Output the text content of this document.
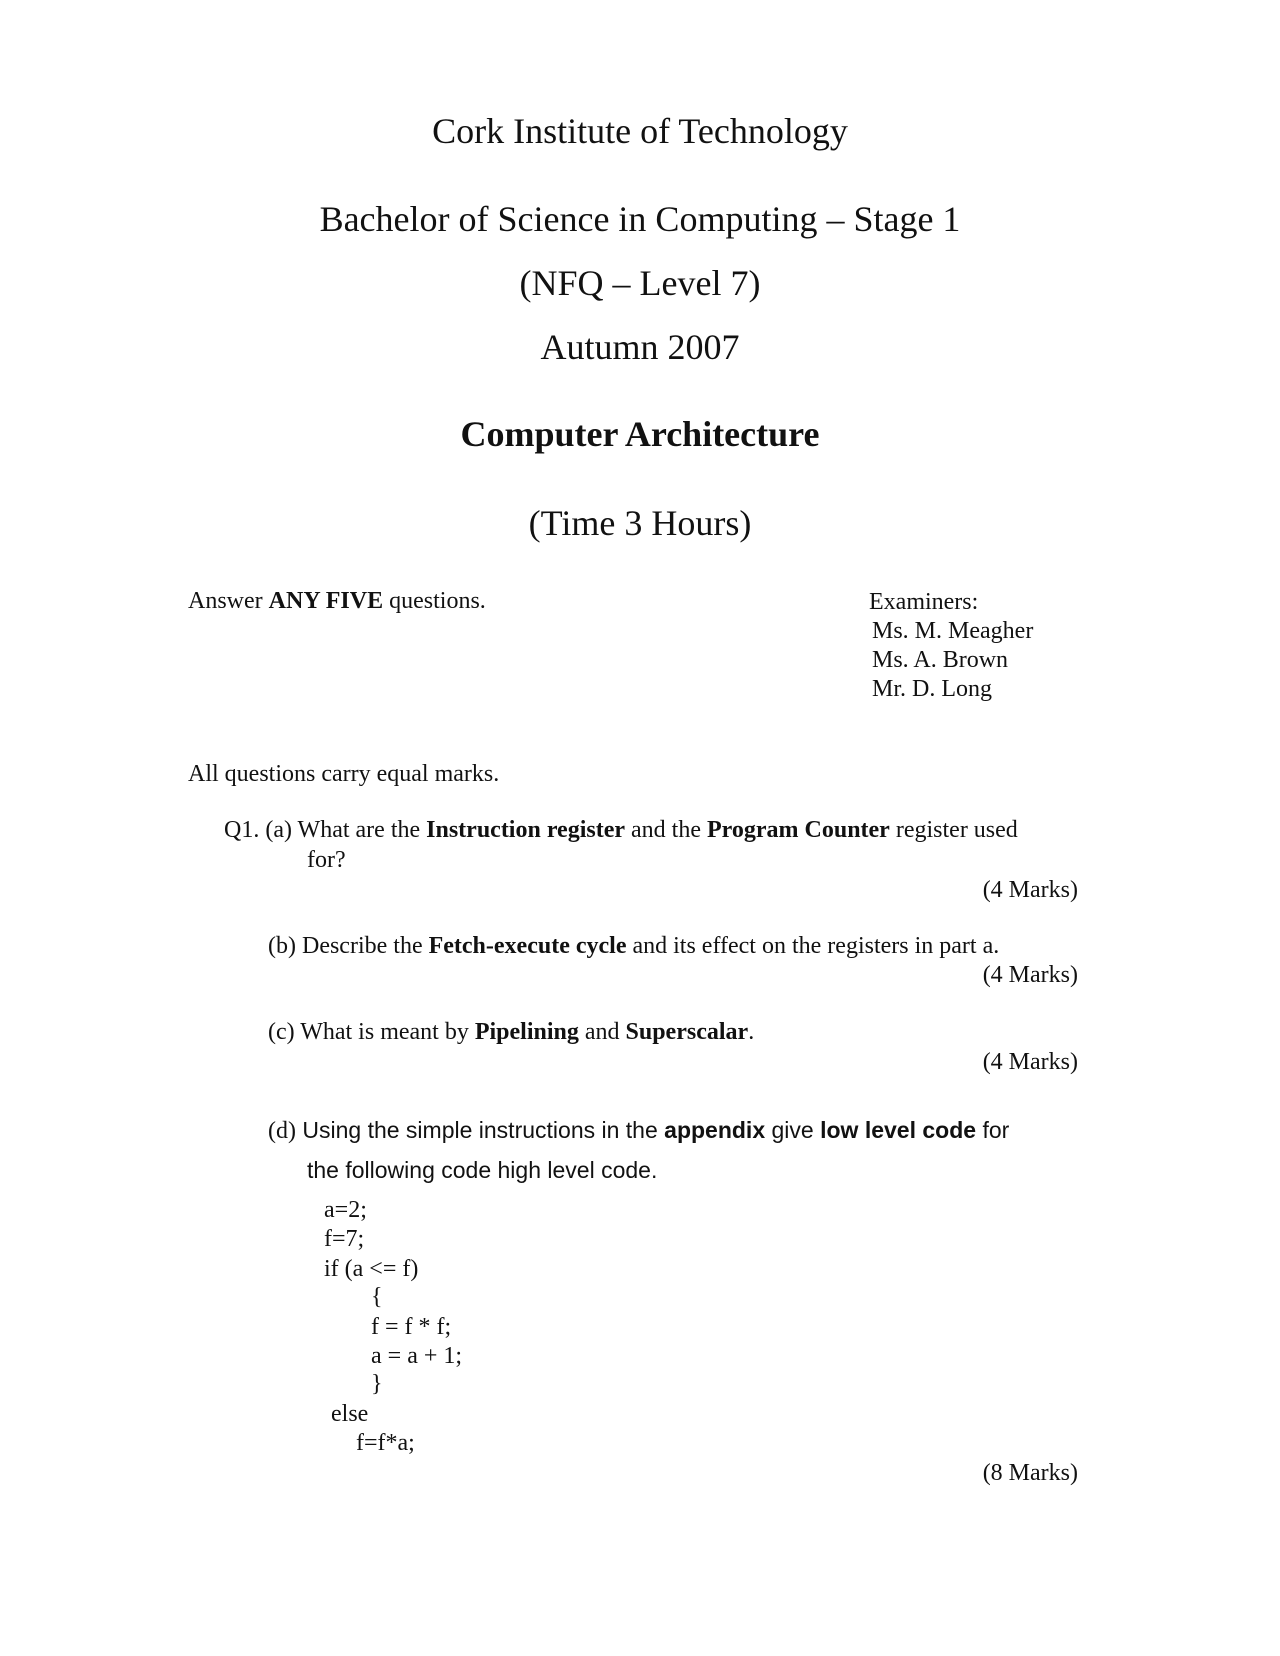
Cork Institute of Technology

Bachelor of Science in Computing – Stage 1

(NFQ – Level 7)

Autumn 2007

Computer Architecture

(Time 3 Hours)

Answer ANY FIVE questions.	Examiners:
Ms. M. Meagher
Ms. A. Brown
Mr. D. Long

All questions carry equal marks.

Q1. (a) What are the Instruction register and the Program Counter register used

for?

(4 Marks)

(b) Describe the Fetch-execute cycle and its effect on the registers in part a.

(4 Marks)

(c) What is meant by Pipelining and Superscalar.

(4 Marks)

(d) Using the simple instructions in the appendix give low level code for

the following code high level code.

a=2;

f=7;

if (a <= f)

{

f = f * f;

a = a + 1;

}

else

f=f*a;

(8 Marks)
